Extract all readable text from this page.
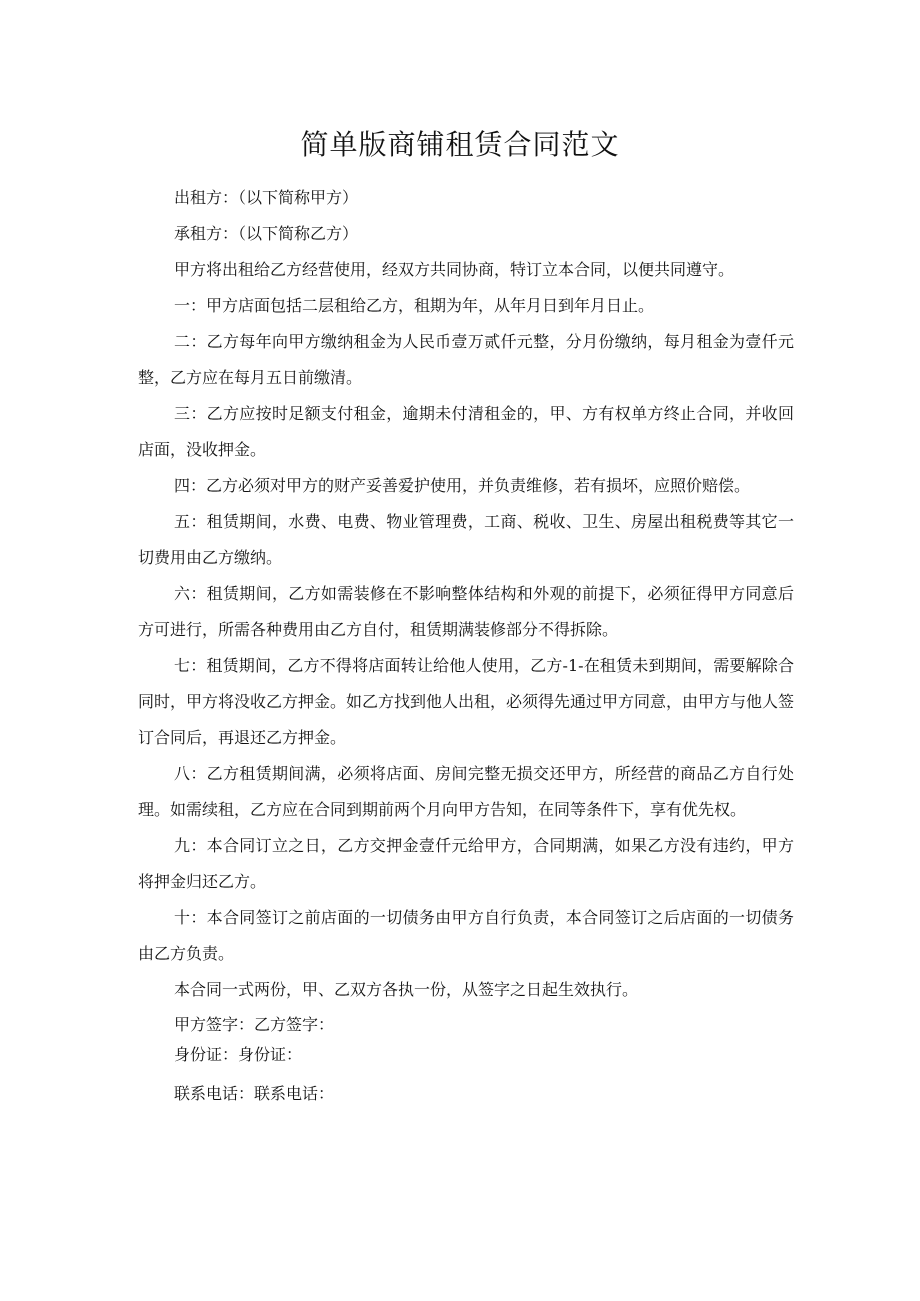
简单版商铺租赁合同范文

出租方：（以下简称甲方）

承租方：（以下简称乙方）

甲方将出租给乙方经营使用，经双方共同协商，特订立本合同，以便共同遵守。

一：甲方店面包括二层租给乙方，租期为年，从年月日到年月日止。

二：乙方每年向甲方缴纳租金为人民币壹万贰仟元整，分月份缴纳，每月租金为壹仟元整，乙方应在每月五日前缴清。

三：乙方应按时足额支付租金，逾期未付清租金的，甲、方有权单方终止合同，并收回店面，没收押金。

四：乙方必须对甲方的财产妥善爱护使用，并负责维修，若有损坏，应照价赔偿。

五：租赁期间，水费、电费、物业管理费，工商、税收、卫生、房屋出租税费等其它一切费用由乙方缴纳。

六：租赁期间，乙方如需装修在不影响整体结构和外观的前提下，必须征得甲方同意后方可进行，所需各种费用由乙方自付，租赁期满装修部分不得拆除。

七：租赁期间，乙方不得将店面转让给他人使用，乙方-1-在租赁未到期间，需要解除合同时，甲方将没收乙方押金。如乙方找到他人出租，必须得先通过甲方同意，由甲方与他人签订合同后，再退还乙方押金。

八：乙方租赁期间满，必须将店面、房间完整无损交还甲方，所经营的商品乙方自行处理。如需续租，乙方应在合同到期前两个月向甲方告知，在同等条件下，享有优先权。

九：本合同订立之日，乙方交押金壹仟元给甲方，合同期满，如果乙方没有违约，甲方将押金归还乙方。

十：本合同签订之前店面的一切债务由甲方自行负责，本合同签订之后店面的一切债务由乙方负责。

本合同一式两份，甲、乙双方各执一份，从签字之日起生效执行。

甲方签字：乙方签字：

身份证：身份证：

联系电话：联系电话：
